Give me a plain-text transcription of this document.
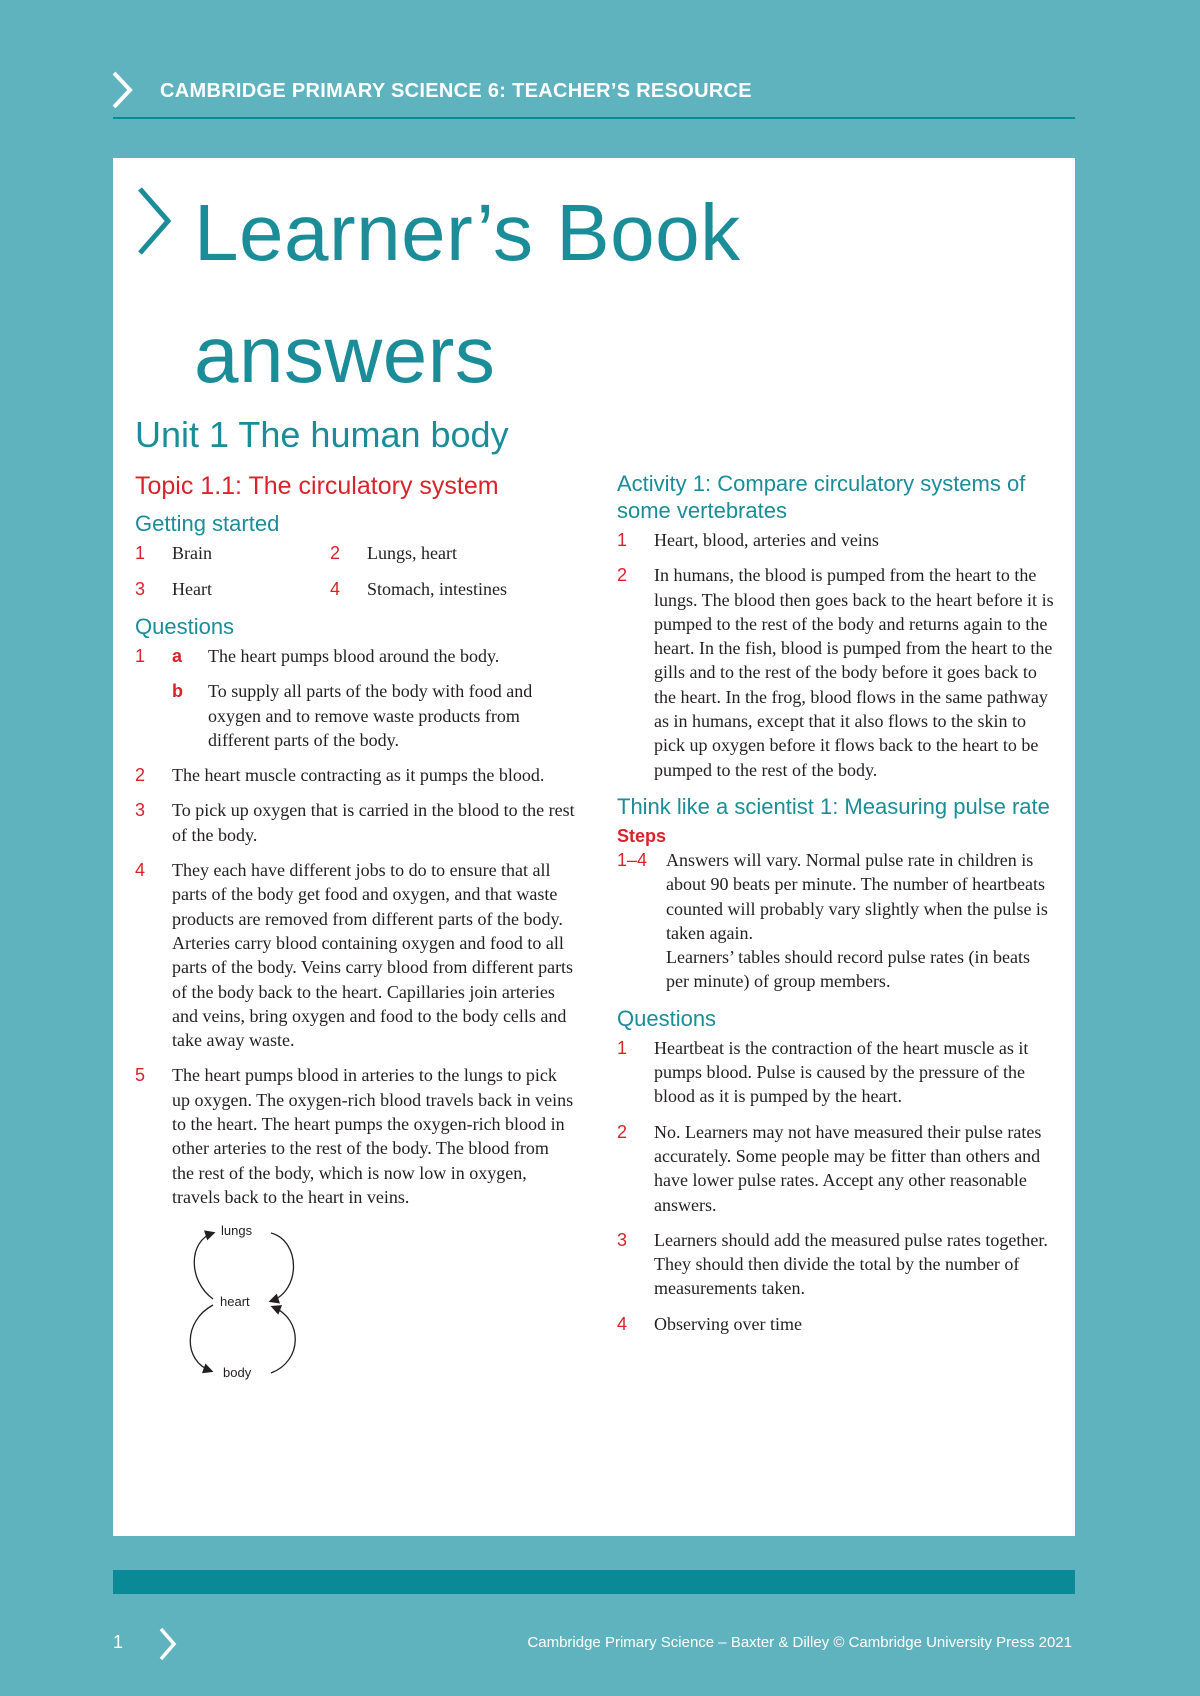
CAMBRIDGE PRIMARY SCIENCE 6: TEACHER’S RESOURCE
Learner’s Book
answers
Unit 1 The human body
Topic 1.1: The circulatory system
Getting started
1 Brain	2 Lungs, heart
3 Heart	4 Stomach, intestines
Questions
1 a The heart pumps blood around the body.
b To supply all parts of the body with food and oxygen and to remove waste products from different parts of the body.
2 The heart muscle contracting as it pumps the blood.
3 To pick up oxygen that is carried in the blood to the rest of the body.
4 They each have different jobs to do to ensure that all parts of the body get food and oxygen, and that waste products are removed from different parts of the body. Arteries carry blood containing oxygen and food to all parts of the body. Veins carry blood from different parts of the body back to the heart. Capillaries join arteries and veins, bring oxygen and food to the body cells and take away waste.
5 The heart pumps blood in arteries to the lungs to pick up oxygen. The oxygen-rich blood travels back in veins to the heart. The heart pumps the oxygen-rich blood in other arteries to the rest of the body. The blood from the rest of the body, which is now low in oxygen, travels back to the heart in veins.
lungs
heart
body
Activity 1: Compare circulatory systems of some vertebrates
1 Heart, blood, arteries and veins
2 In humans, the blood is pumped from the heart to the lungs. The blood then goes back to the heart before it is pumped to the rest of the body and returns again to the heart. In the fish, blood is pumped from the heart to the gills and to the rest of the body before it goes back to the heart. In the frog, blood flows in the same pathway as in humans, except that it also flows to the skin to pick up oxygen before it flows back to the heart to be pumped to the rest of the body.
Think like a scientist 1: Measuring pulse rate
Steps
1–4 Answers will vary. Normal pulse rate in children is about 90 beats per minute. The number of heartbeats counted will probably vary slightly when the pulse is taken again.
Learners’ tables should record pulse rates (in beats per minute) of group members.
Questions
1 Heartbeat is the contraction of the heart muscle as it pumps blood. Pulse is caused by the pressure of the blood as it is pumped by the heart.
2 No. Learners may not have measured their pulse rates accurately. Some people may be fitter than others and have lower pulse rates. Accept any other reasonable answers.
3 Learners should add the measured pulse rates together. They should then divide the total by the number of measurements taken.
4 Observing over time
1	Cambridge Primary Science – Baxter & Dilley © Cambridge University Press 2021
